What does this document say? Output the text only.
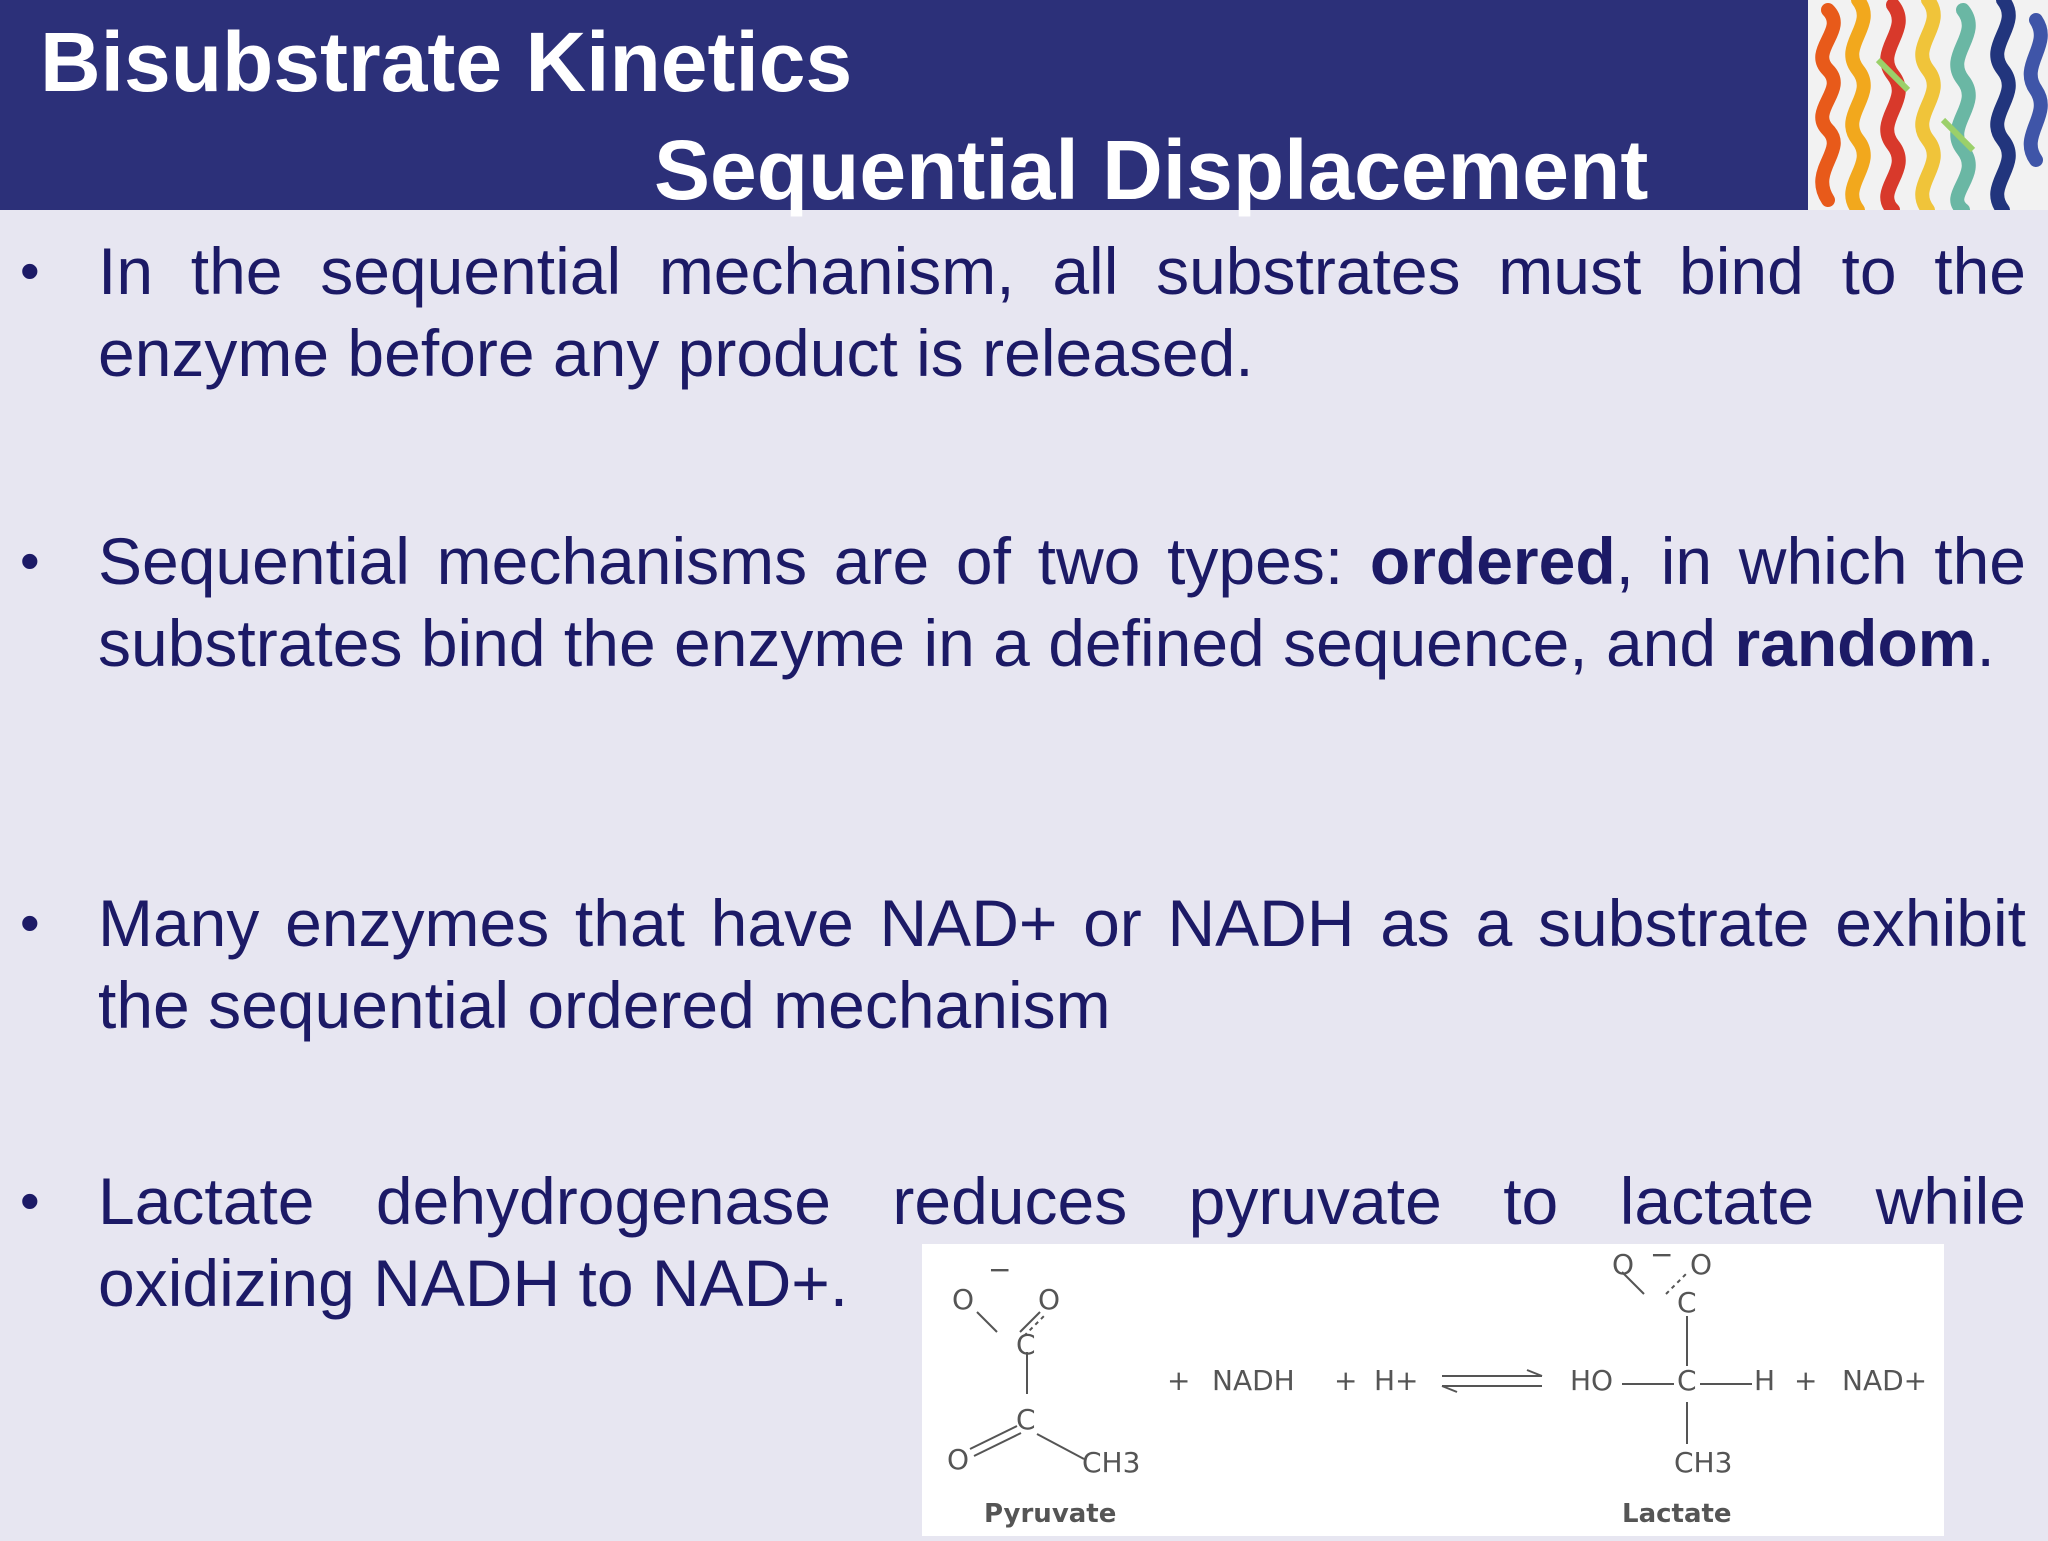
Bisubstrate Kinetics
Sequential Displacement
• In the sequential mechanism, all substrates must bind to the enzyme before any product is released.
• Sequential mechanisms are of two types: ordered, in which the substrates bind the enzyme in a defined sequence, and random.
• Many enzymes that have NAD+ or NADH as a substrate exhibit the sequential ordered mechanism
• Lactate dehydrogenase reduces pyruvate to lactate while oxidizing NADH to NAD+.	O
−
O
C
C
O	CH3
+ NADH + H+	HO C H + NAD+
O − O
C
CH3
Pyruvate	Lactate
